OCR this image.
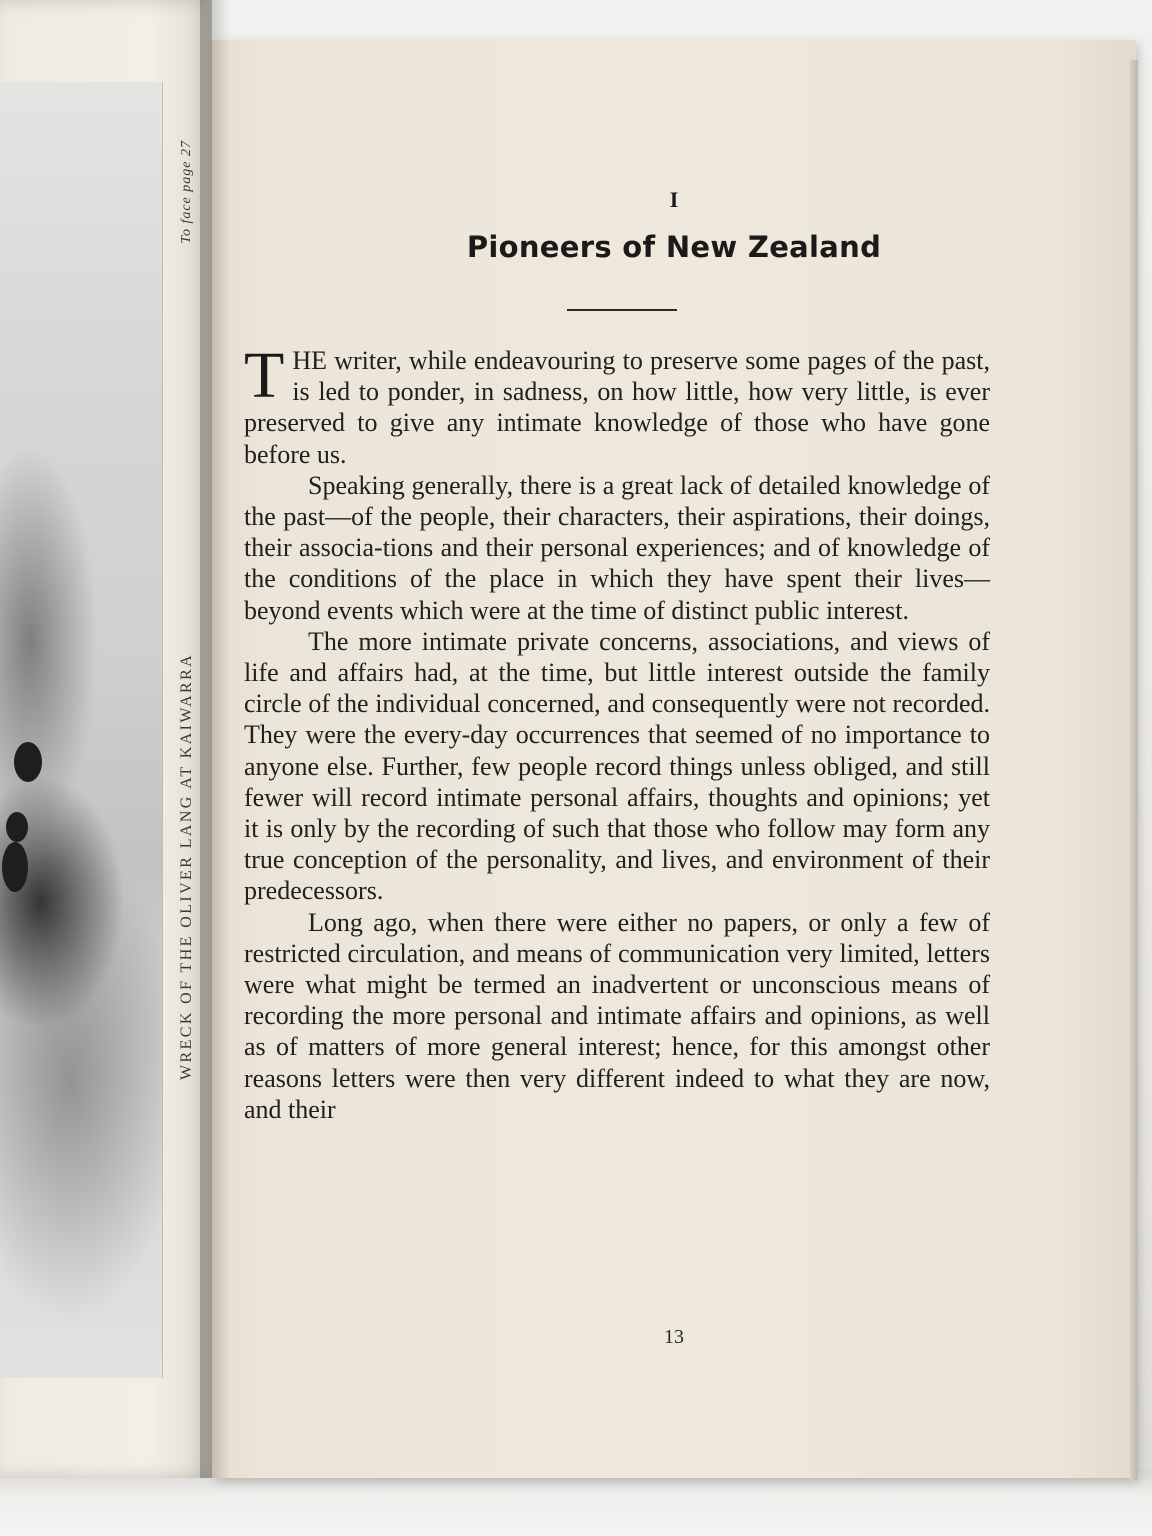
WRECK OF THE OLIVER LANG AT KAIWARRA
To face page 27	I
Pioneers of New Zealand

THE writer, while endeavouring to preserve some pages of the past, is led to ponder, in sadness, on how little, how very little, is ever preserved to give any intimate knowledge of those who have gone before us.

Speaking generally, there is a great lack of detailed knowledge of the past—of the people, their characters, their aspirations, their doings, their associa-tions and their personal experiences; and of knowledge of the conditions of the place in which they have spent their lives—beyond events which were at the time of distinct public interest.

The more intimate private concerns, associations, and views of life and affairs had, at the time, but little interest outside the family circle of the individual concerned, and consequently were not recorded. They were the every-day occurrences that seemed of no importance to anyone else. Further, few people record things unless obliged, and still fewer will record intimate personal affairs, thoughts and opinions; yet it is only by the recording of such that those who follow may form any true conception of the personality, and lives, and environment of their predecessors.

Long ago, when there were either no papers, or only a few of restricted circulation, and means of communication very limited, letters were what might be termed an inadvertent or unconscious means of recording the more personal and intimate affairs and opinions, as well as of matters of more general interest; hence, for this amongst other reasons letters were then very different indeed to what they are now, and their

13
